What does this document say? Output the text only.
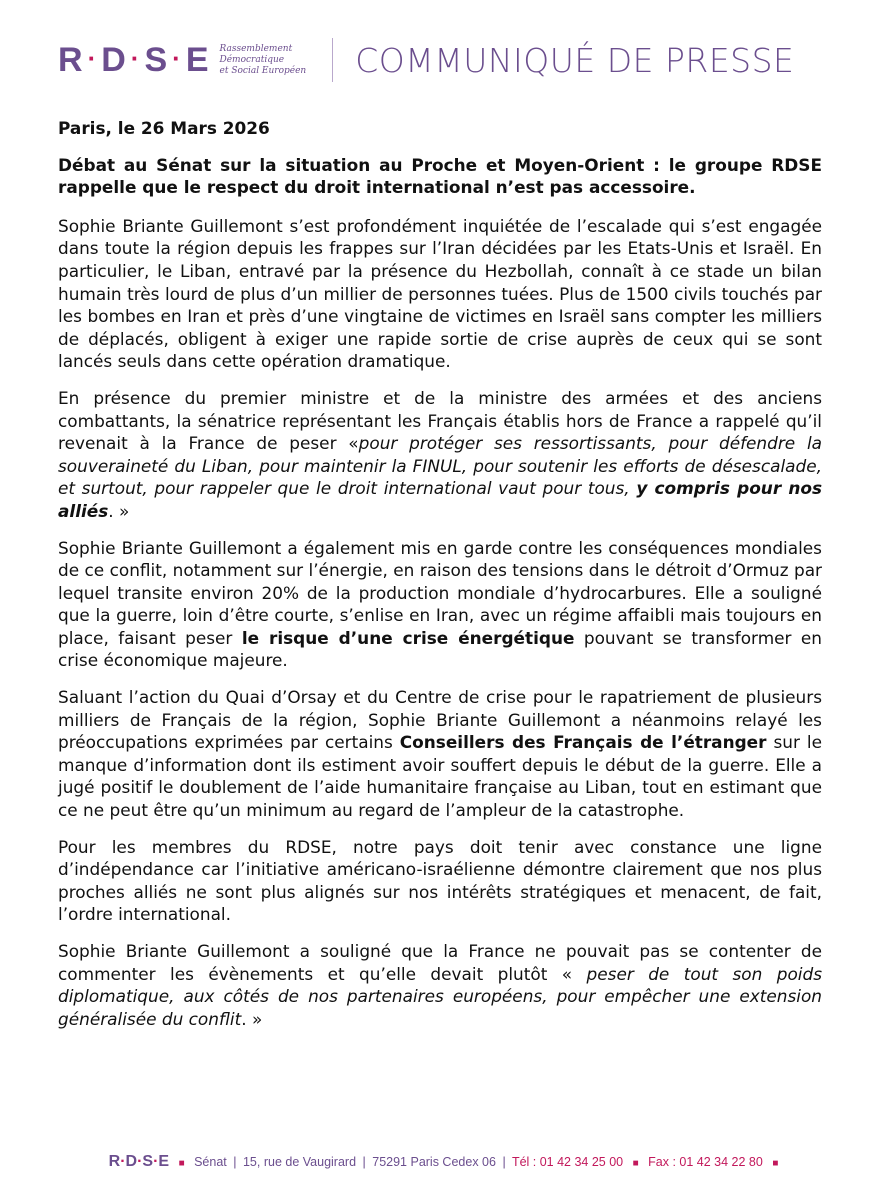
R · D · S · E Rassemblement
Démocratique
et Social Européen COMMUNIQUÉ DE PRESSE

Paris, le 26 Mars 2026

Débat au Sénat sur la situation au Proche et Moyen-Orient : le groupe RDSE rappelle que le respect du droit international n’est pas accessoire.

Sophie Briante Guillemont s’est profondément inquiétée de l’escalade qui s’est engagée dans toute la région depuis les frappes sur l’Iran décidées par les Etats-Unis et Israël. En particulier, le Liban, entravé par la présence du Hezbollah, connaît à ce stade un bilan humain très lourd de plus d’un millier de personnes tuées. Plus de 1500 civils touchés par les bombes en Iran et près d’une vingtaine de victimes en Israël sans compter les milliers de déplacés, obligent à exiger une rapide sortie de crise auprès de ceux qui se sont lancés seuls dans cette opération dramatique.

En présence du premier ministre et de la ministre des armées et des anciens combattants, la sénatrice représentant les Français établis hors de France a rappelé qu’il revenait à la France de peser «pour protéger ses ressortissants, pour défendre la souveraineté du Liban, pour maintenir la FINUL, pour soutenir les efforts de désescalade, et surtout, pour rappeler que le droit international vaut pour tous, y compris pour nos alliés. »

Sophie Briante Guillemont a également mis en garde contre les conséquences mondiales de ce conflit, notamment sur l’énergie, en raison des tensions dans le détroit d’Ormuz par lequel transite environ 20% de la production mondiale d’hydrocarbures. Elle a souligné que la guerre, loin d’être courte, s’enlise en Iran, avec un régime affaibli mais toujours en place, faisant peser le risque d’une crise énergétique pouvant se transformer en crise économique majeure.

Saluant l’action du Quai d’Orsay et du Centre de crise pour le rapatriement de plusieurs milliers de Français de la région, Sophie Briante Guillemont a néanmoins relayé les préoccupations exprimées par certains Conseillers des Français de l’étranger sur le manque d’information dont ils estiment avoir souffert depuis le début de la guerre. Elle a jugé positif le doublement de l’aide humanitaire française au Liban, tout en estimant que ce ne peut être qu’un minimum au regard de l’ampleur de la catastrophe.

Pour les membres du RDSE, notre pays doit tenir avec constance une ligne d’indépendance car l’initiative américano-israélienne démontre clairement que nos plus proches alliés ne sont plus alignés sur nos intérêts stratégiques et menacent, de fait, l’ordre international.

Sophie Briante Guillemont a souligné que la France ne pouvait pas se contenter de commenter les évènements et qu’elle devait plutôt « peser de tout son poids diplomatique, aux côtés de nos partenaires européens, pour empêcher une extension généralisée du conflit. »

R·D·S·E ■ Sénat | 15, rue de Vaugirard | 75291 Paris Cedex 06 | Tél : 01 42 34 25 00 ■ Fax : 01 42 34 22 80 ■
